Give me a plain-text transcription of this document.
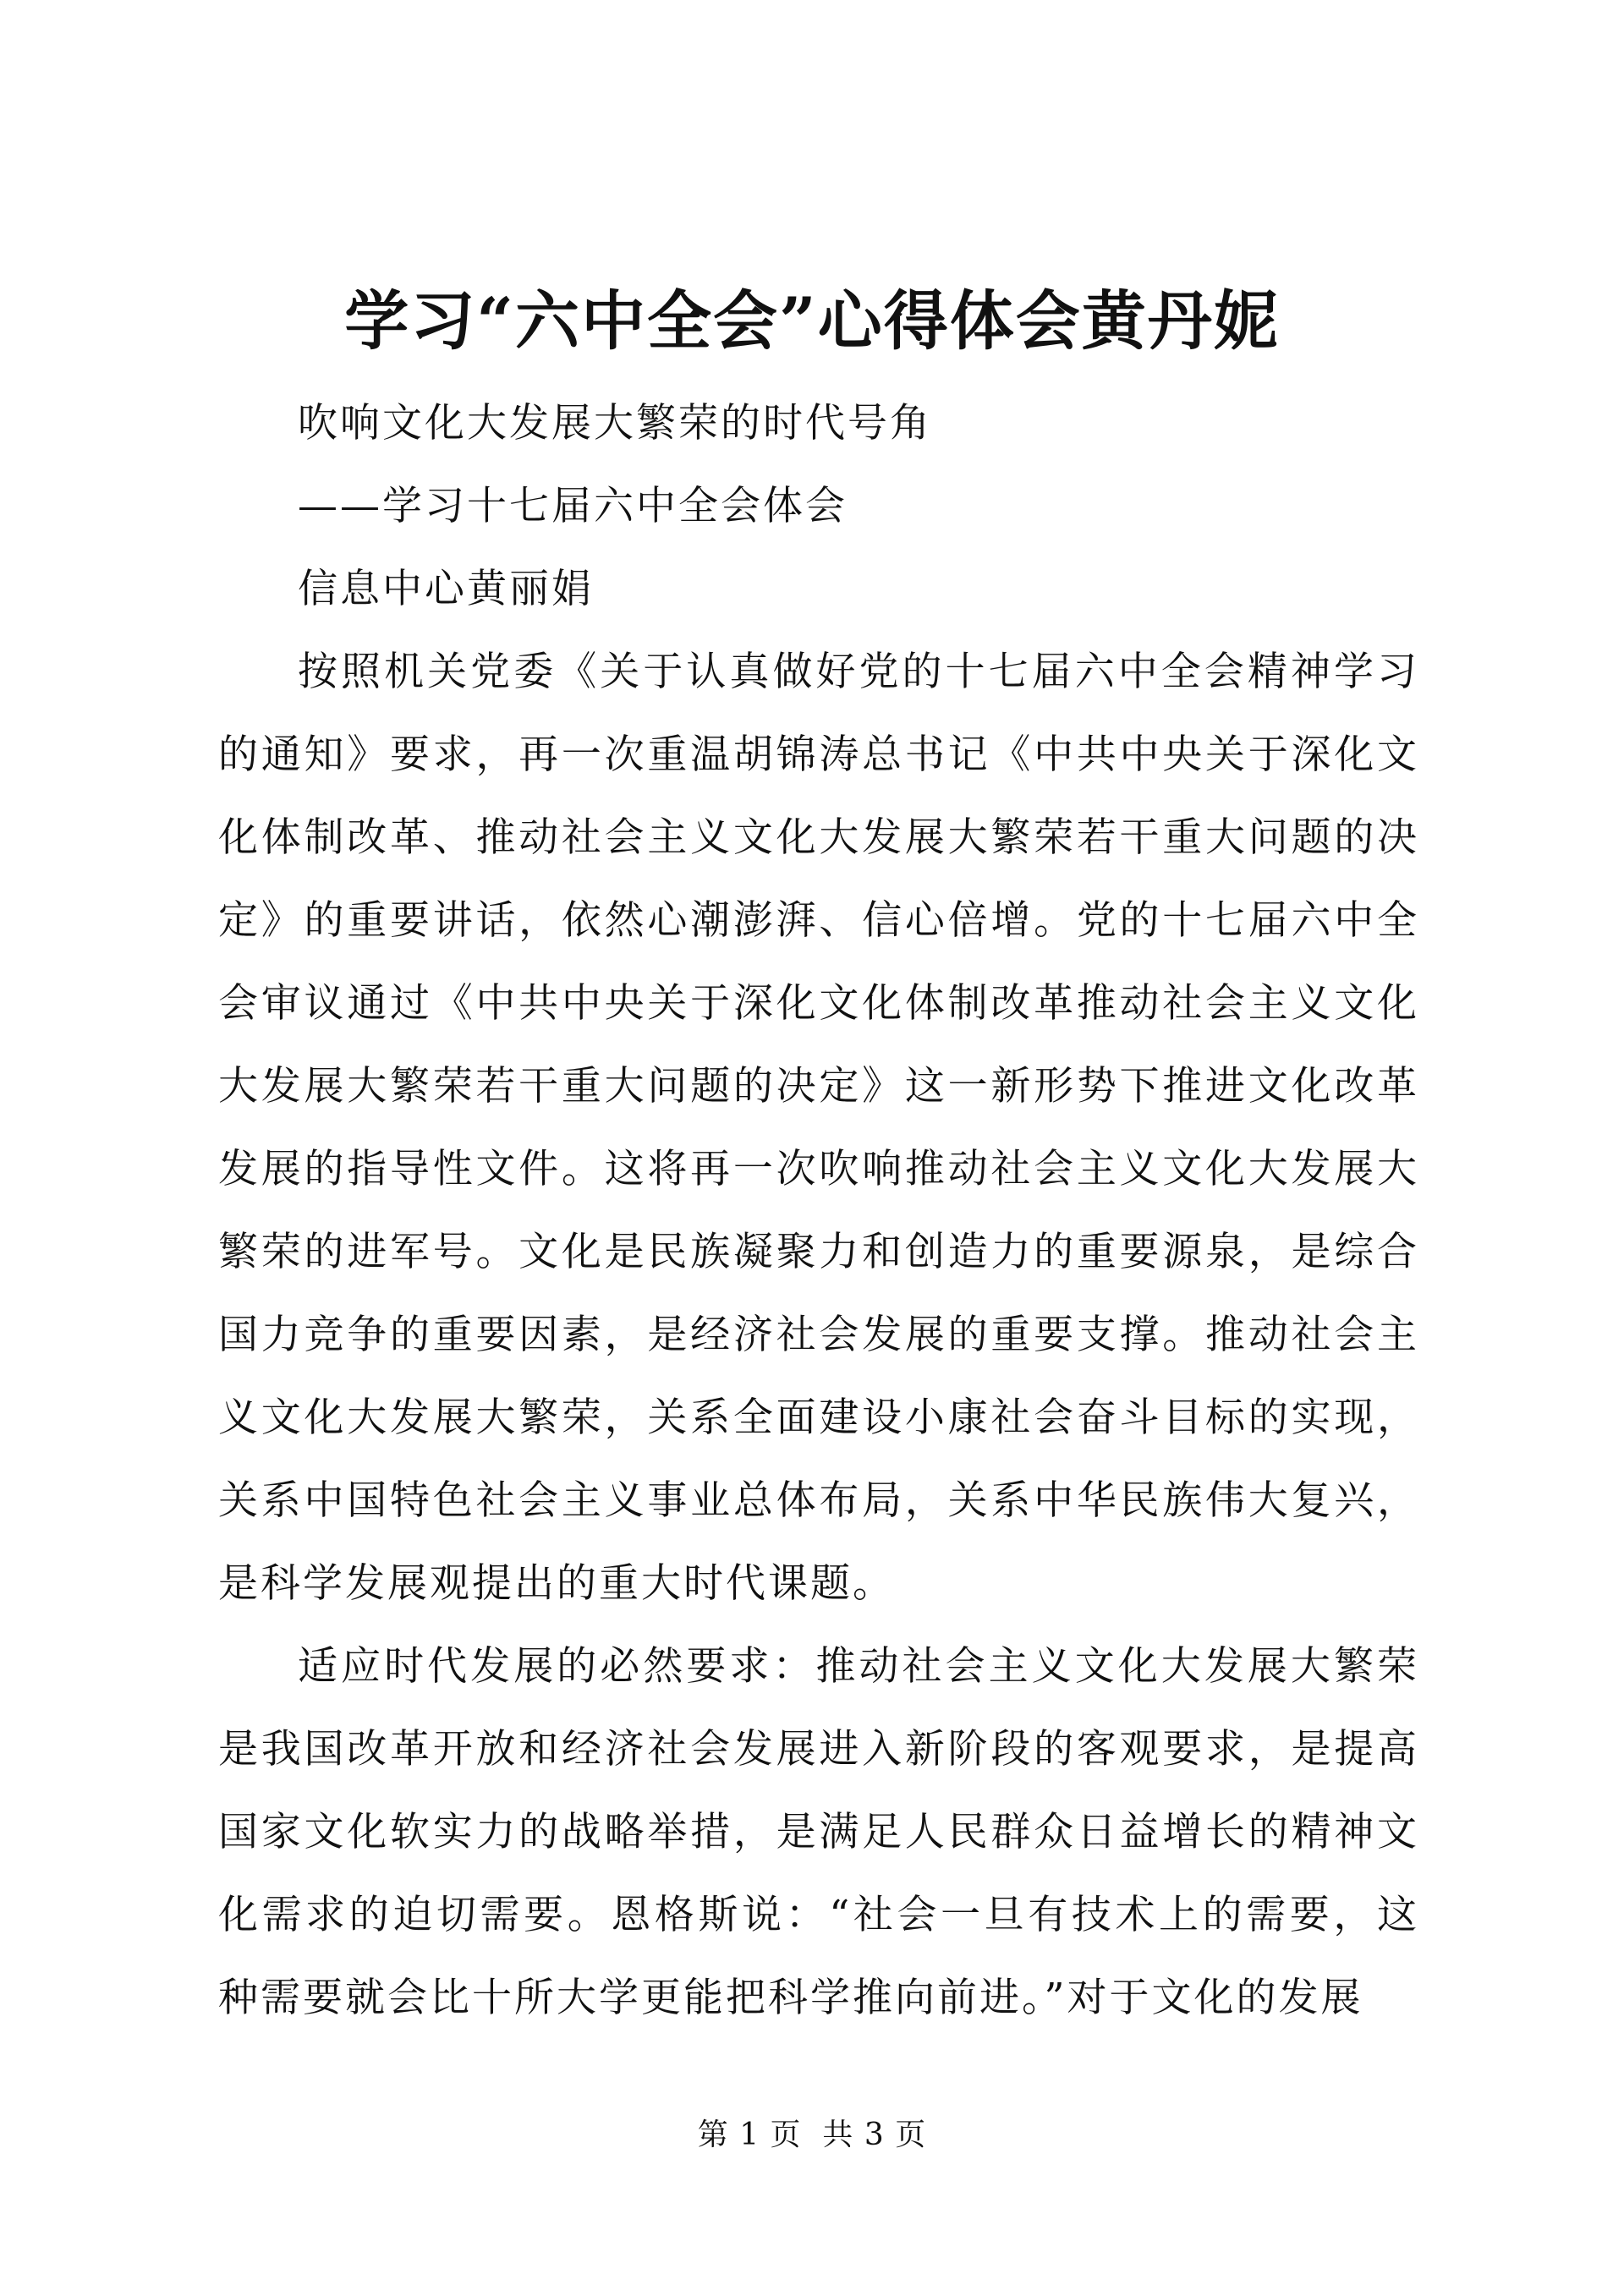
学习“六中全会”心得体会黄丹妮

吹响文化大发展大繁荣的时代号角

——学习十七届六中全会体会

信息中心黄丽娟

按照机关党委《关于认真做好党的十七届六中全会精神学习的通知》要求，再一次重温胡锦涛总书记《中共中央关于深化文化体制改革、推动社会主义文化大发展大繁荣若干重大问题的决定》的重要讲话，依然心潮澎湃、信心倍增。党的十七届六中全会审议通过《中共中央关于深化文化体制改革推动社会主义文化大发展大繁荣若干重大问题的决定》这一新形势下推进文化改革发展的指导性文件。这将再一次吹响推动社会主义文化大发展大繁荣的进军号。文化是民族凝聚力和创造力的重要源泉，是综合国力竞争的重要因素，是经济社会发展的重要支撑。推动社会主义文化大发展大繁荣，关系全面建设小康社会奋斗目标的实现，关系中国特色社会主义事业总体布局，关系中华民族伟大复兴，是科学发展观提出的重大时代课题。

适应时代发展的必然要求：推动社会主义文化大发展大繁荣是我国改革开放和经济社会发展进入新阶段的客观要求，是提高国家文化软实力的战略举措，是满足人民群众日益增长的精神文化需求的迫切需要。恩格斯说：“社会一旦有技术上的需要，这种需要就会比十所大学更能把科学推向前进。”对于文化的发展

第 1 页  共 3 页
